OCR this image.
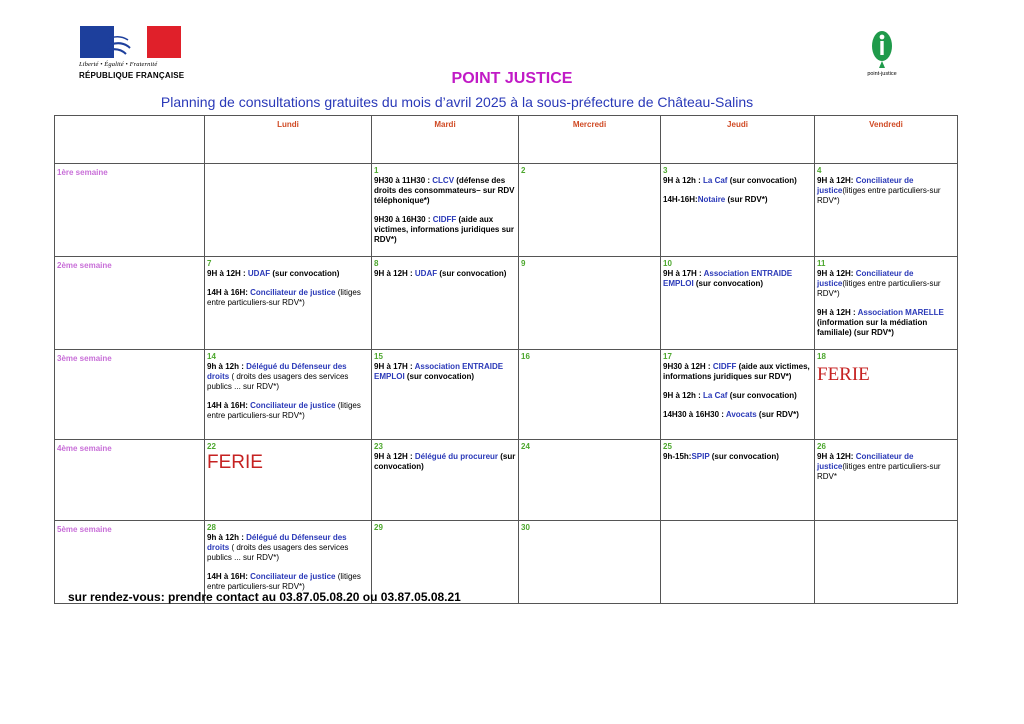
Liberté • Égalité • Fraternité
RÉPUBLIQUE FRANÇAISE	point-justice
POINT JUSTICE
Planning de consultations gratuites du mois d’avril 2025 à la sous-préfecture de Château-Salins
	Lundi	Mardi	Mercredi	Jeudi	Vendredi
1ère semaine		1
9H30 à 11H30 : CLCV (défense des droits des consommateurs– sur RDV téléphonique*)
9H30 à 16H30 : CIDFF (aide aux victimes, informations juridiques sur RDV*)	2	3
9H à 12h : La Caf (sur convocation)
14H-16H:Notaire (sur RDV*)	4
9H à 12H: Conciliateur de justice(litiges entre particuliers-sur RDV*)

2ème semaine	7
9H à 12H : UDAF (sur convocation)
14H à 16H: Conciliateur de justice (litiges entre particuliers-sur RDV*)	8
9H à 12H : UDAF (sur convocation)	9	10
9H à 17H : Association ENTRAIDE EMPLOI (sur convocation)	11
9H à 12H: Conciliateur de justice(litiges entre particuliers-sur RDV*)
9H à 12H : Association MARELLE (information sur la médiation familiale) (sur RDV*)

3ème semaine	14
9h à 12h : Délégué du Défenseur des droits ( droits des usagers des services publics ... sur RDV*)
14H à 16H: Conciliateur de justice (litiges entre particuliers-sur RDV*)	15
9H à 17H : Association ENTRAIDE EMPLOI (sur convocation)	16	17
9H30 à 12H : CIDFF (aide aux victimes, informations juridiques sur RDV*)
9H à 12h : La Caf (sur convocation)
14H30 à 16H30 : Avocats (sur RDV*)	18
FERIE

4ème semaine	22
FERIE	23
9H à 12H : Délégué du procureur (sur convocation)	24	25
9h-15h:SPIP (sur convocation)	26
9H à 12H: Conciliateur de justice(litiges entre particuliers-sur RDV*

5ème semaine	28
9h à 12h : Délégué du Défenseur des droits ( droits des usagers des services publics ... sur RDV*)
14H à 16H: Conciliateur de justice (litiges entre particuliers-sur RDV*)	29	30		

sur rendez-vous: prendre contact au 03.87.05.08.20 ou 03.87.05.08.21
